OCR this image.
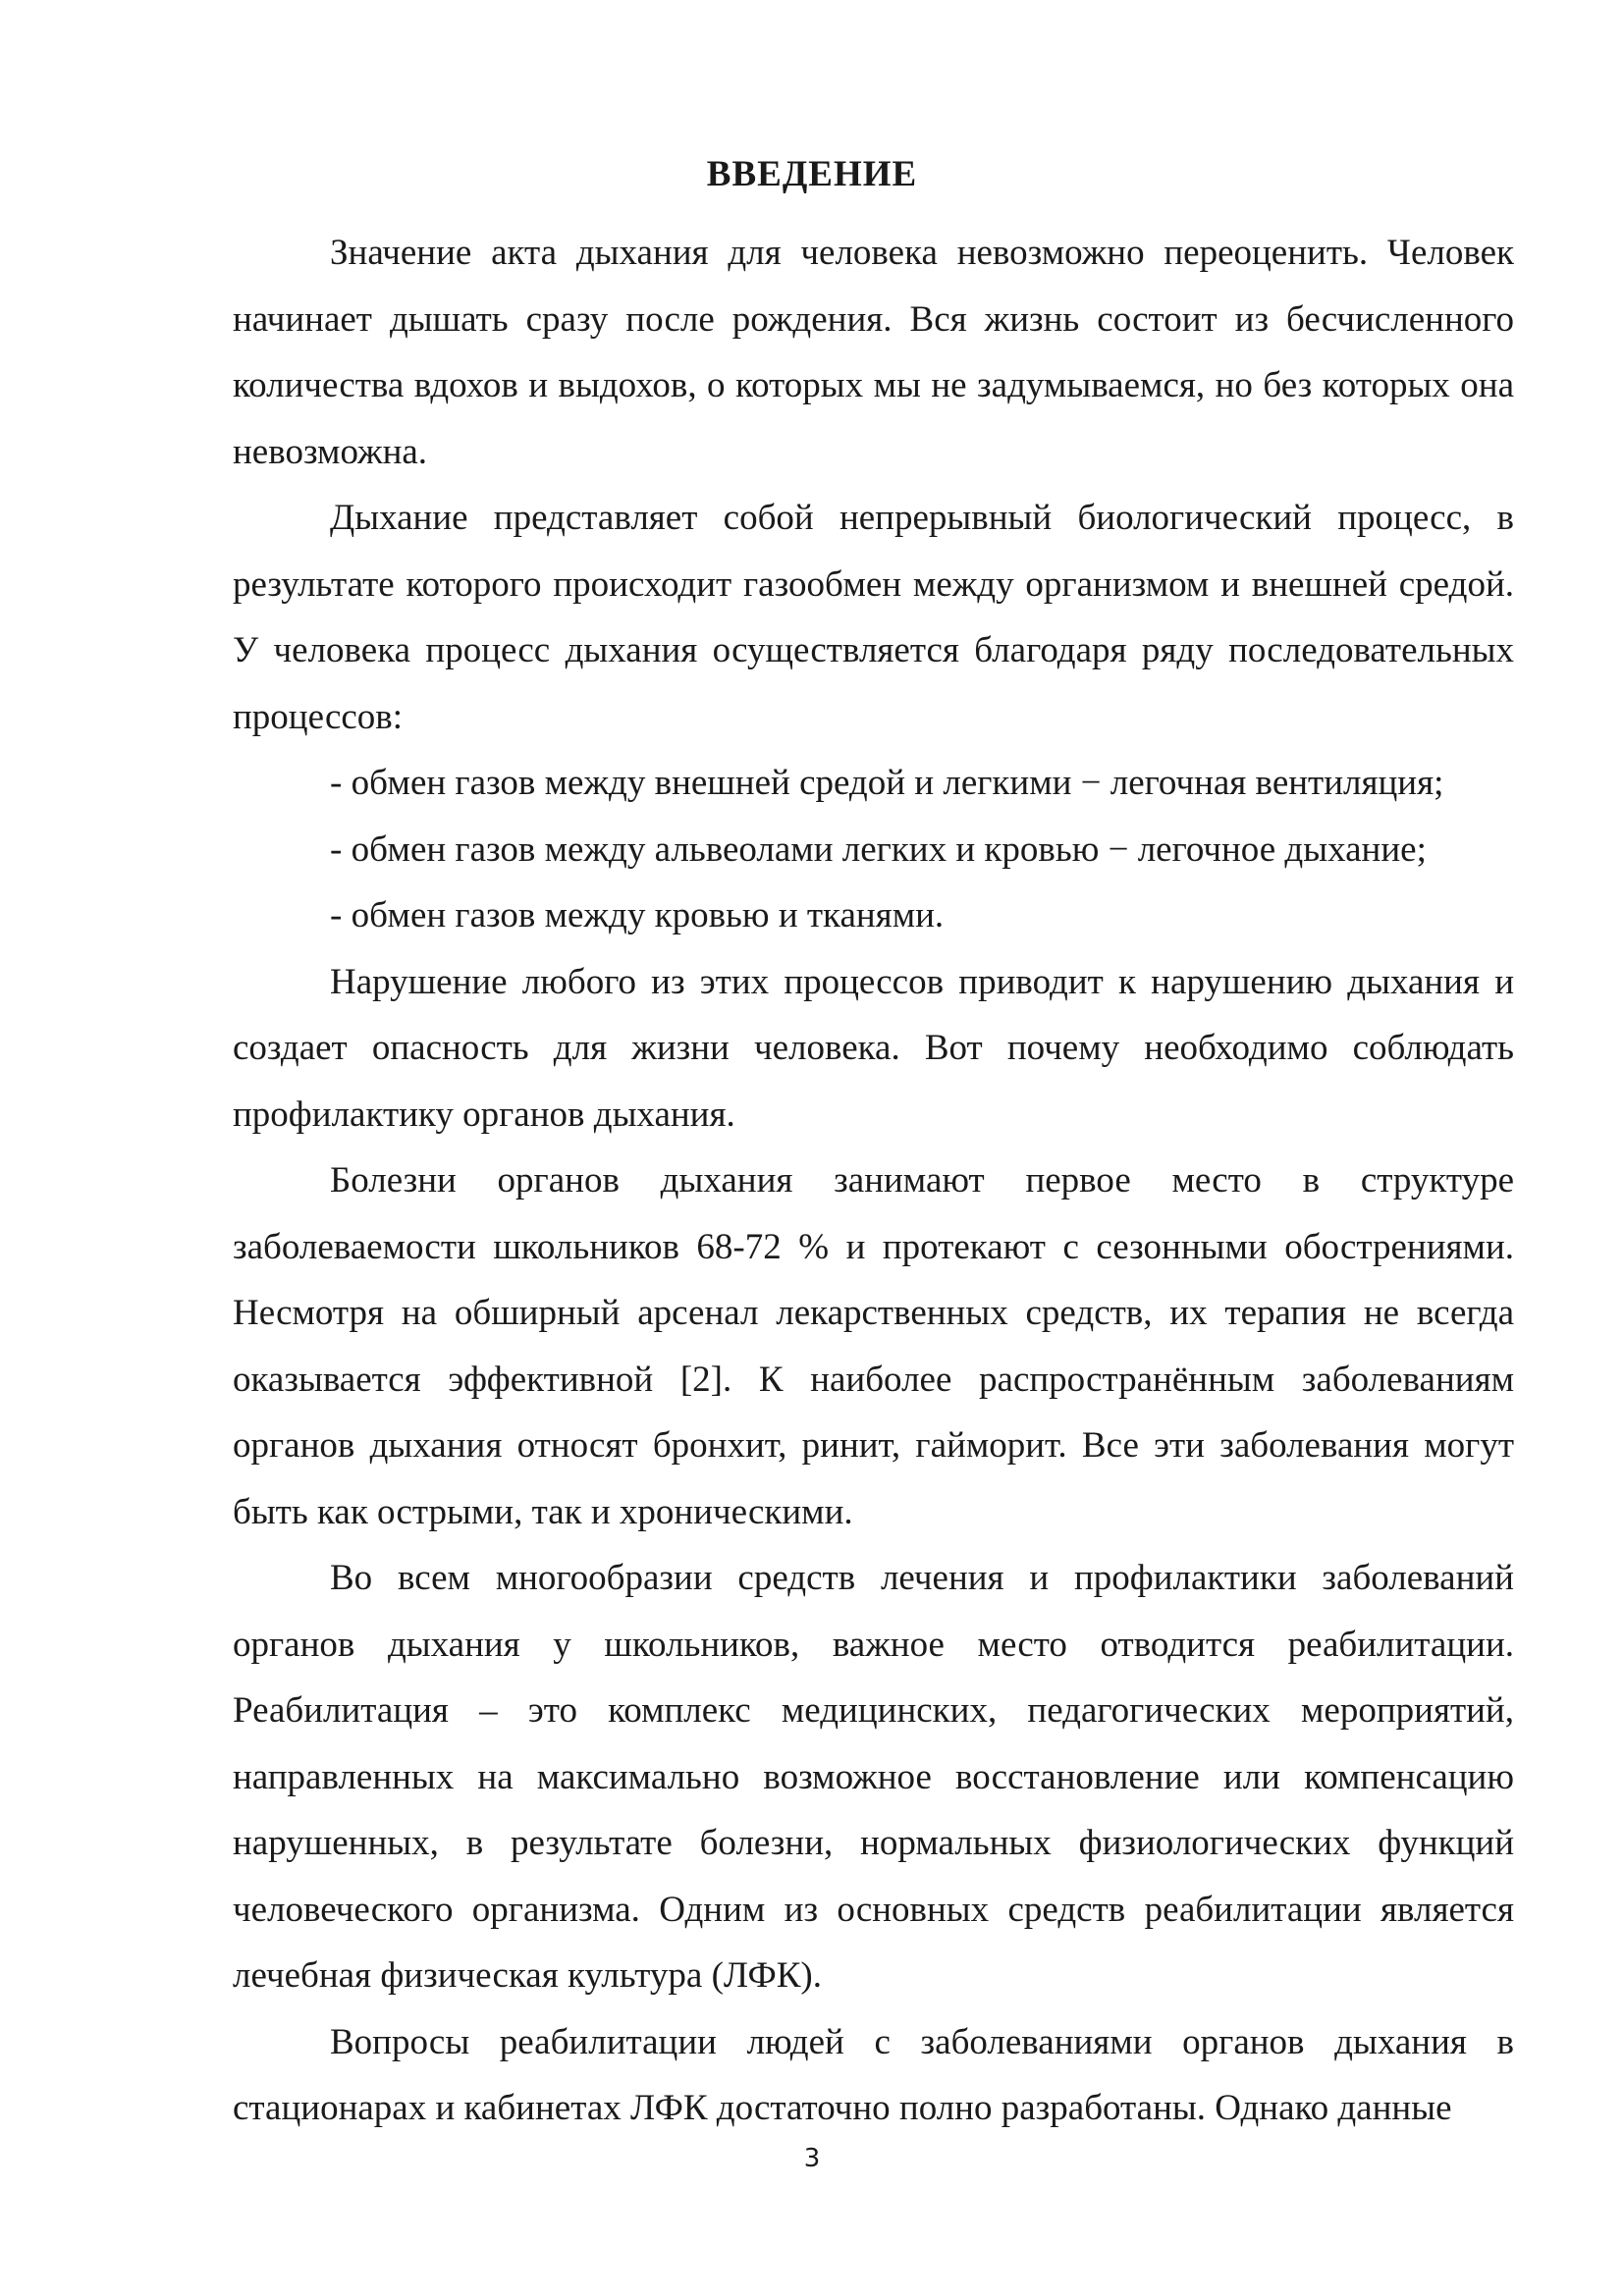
ВВЕДЕНИЕ

Значение акта дыхания для человека невозможно переоценить. Человек начинает дышать сразу после рождения. Вся жизнь состоит из бесчисленного количества вдохов и выдохов, о которых мы не задумываемся, но без которых она невозможна.

Дыхание представляет собой непрерывный биологический процесс, в результате которого происходит газообмен между организмом и внешней средой. У человека процесс дыхания осуществляется благодаря ряду последовательных процессов:

- обмен газов между внешней средой и легкими − легочная вентиляция;

- обмен газов между альвеолами легких и кровью − легочное дыхание;

- обмен газов между кровью и тканями.

Нарушение любого из этих процессов приводит к нарушению дыхания и создает опасность для жизни человека. Вот почему необходимо соблюдать профилактику органов дыхания.

Болезни органов дыхания занимают первое место в структуре заболеваемости школьников 68-72 % и протекают с сезонными обострениями. Несмотря на обширный арсенал лекарственных средств, их терапия не всегда оказывается эффективной [2]. К наиболее распространённым заболеваниям органов дыхания относят бронхит, ринит, гайморит. Все эти заболевания могут быть как острыми, так и хроническими.

Во всем многообразии средств лечения и профилактики заболеваний органов дыхания у школьников, важное место отводится реабилитации. Реабилитация – это комплекс медицинских, педагогических мероприятий, направленных на максимально возможное восстановление или компенсацию нарушенных, в результате болезни, нормальных физиологических функций человеческого организма. Одним из основных средств реабилитации является лечебная физическая культура (ЛФК).

Вопросы реабилитации людей с заболеваниями органов дыхания в стационарах и кабинетах ЛФК достаточно полно разработаны. Однако данные

3
